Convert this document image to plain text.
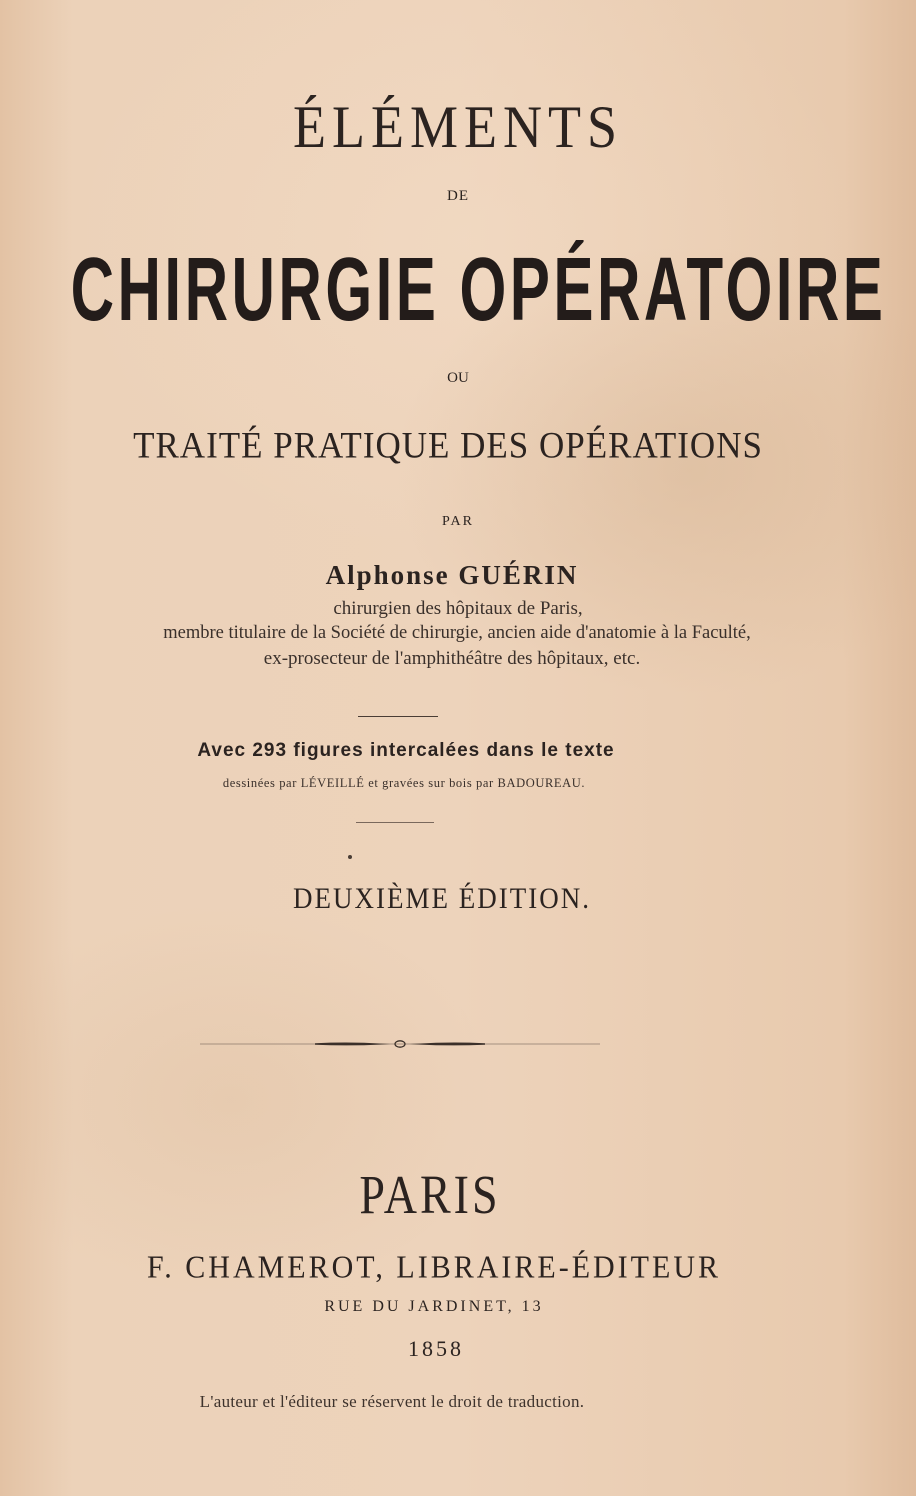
ÉLÉMENTS

DE

CHIRURGIE OPÉRATOIRE

OU

TRAITÉ PRATIQUE DES OPÉRATIONS

PAR

Alphonse GUÉRIN

chirurgien des hôpitaux de Paris,

membre titulaire de la Société de chirurgie, ancien aide d'anatomie à la Faculté,

ex-prosecteur de l'amphithéâtre des hôpitaux, etc.

Avec 293 figures intercalées dans le texte

dessinées par LÉVEILLÉ et gravées sur bois par BADOUREAU.

DEUXIÈME ÉDITION.

PARIS

F. CHAMEROT, LIBRAIRE-ÉDITEUR

RUE DU JARDINET, 13

1858

L'auteur et l'éditeur se réservent le droit de traduction.
